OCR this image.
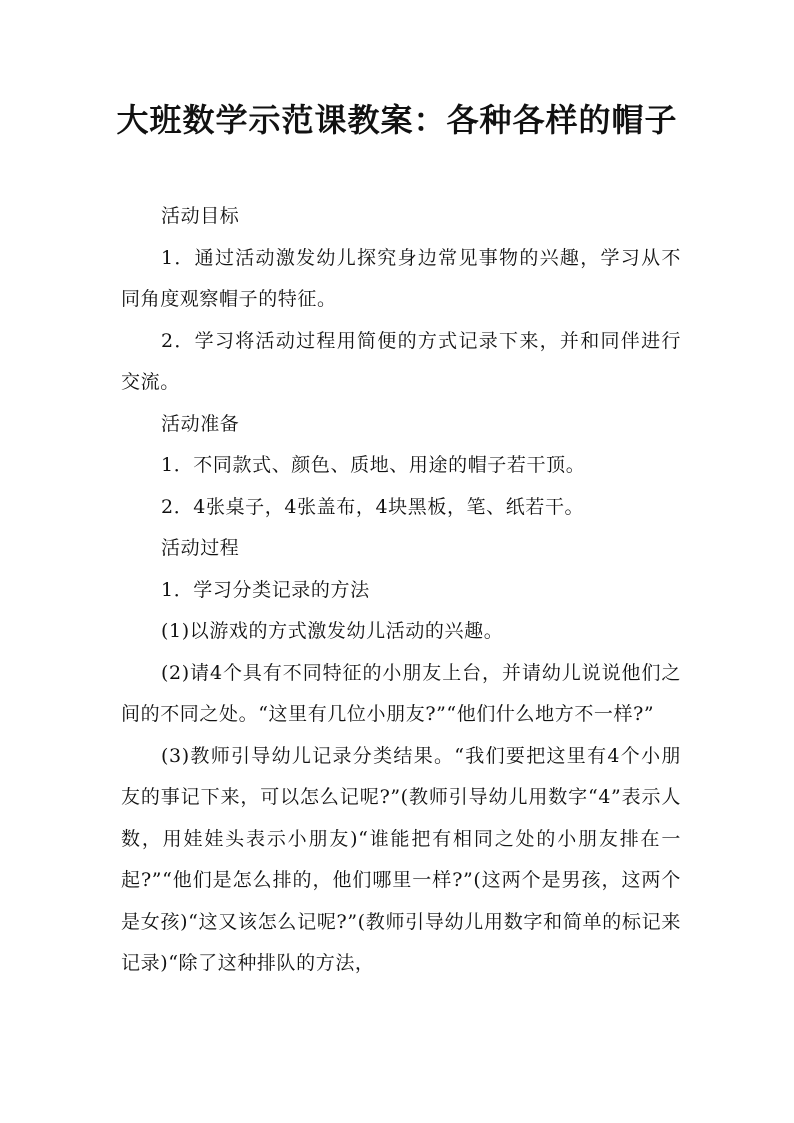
大班数学示范课教案：各种各样的帽子

活动目标

1．通过活动激发幼儿探究身边常见事物的兴趣，学习从不同角度观察帽子的特征。

2．学习将活动过程用简便的方式记录下来，并和同伴进行交流。

活动准备

1．不同款式、颜色、质地、用途的帽子若干顶。

2．4张桌子，4张盖布，4块黑板，笔、纸若干。

活动过程

1．学习分类记录的方法

(1)以游戏的方式激发幼儿活动的兴趣。

(2)请4个具有不同特征的小朋友上台，并请幼儿说说他们之间的不同之处。“这里有几位小朋友?”“他们什么地方不一样?”

(3)教师引导幼儿记录分类结果。“我们要把这里有4个小朋友的事记下来，可以怎么记呢?”(教师引导幼儿用数字“4”表示人数，用娃娃头表示小朋友)“谁能把有相同之处的小朋友排在一起?”“他们是怎么排的，他们哪里一样?”(这两个是男孩，这两个是女孩)“这又该怎么记呢?”(教师引导幼儿用数字和简单的标记来记录)“除了这种排队的方法，
